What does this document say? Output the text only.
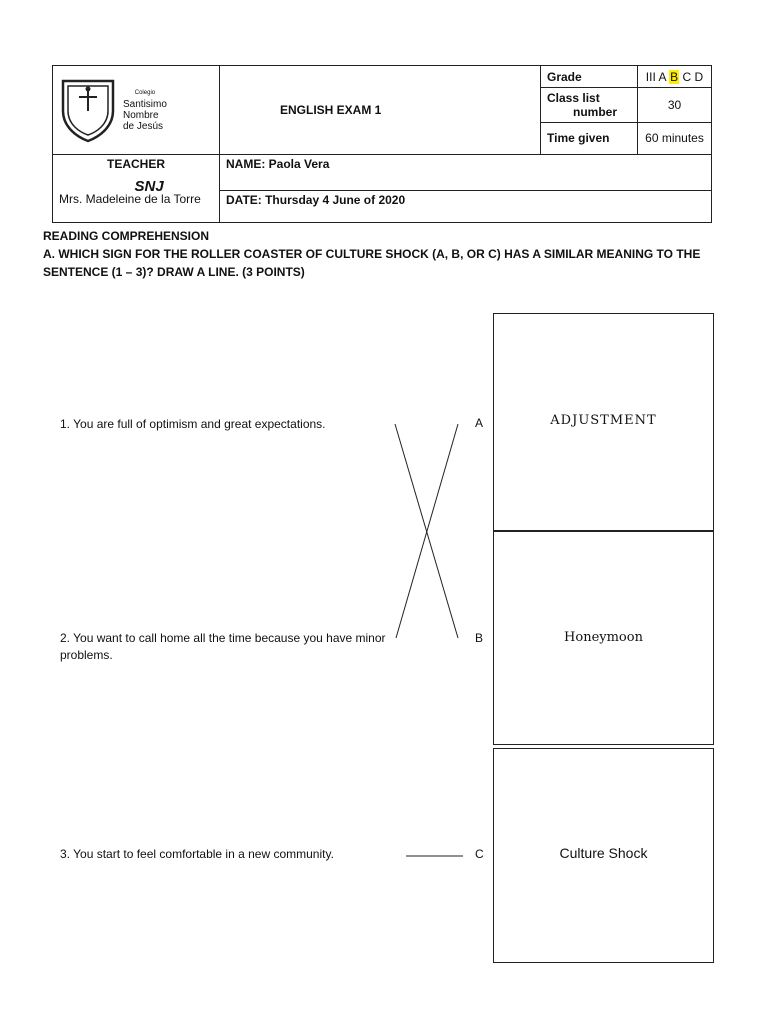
Colegio
Santisimo
Nombre
de Jesús
SNJ	ENGLISH EXAM 1	Grade	III A B C D

		Class list
number	30
		Time given	60 minutes

TEACHER
Mrs. Madeleine de la Torre	NAME: Paola Vera		
	DATE: Thursday 4 June of 2020		
READING COMPREHENSION
A. WHICH SIGN FOR THE ROLLER COASTER OF CULTURE SHOCK (A, B, OR C) HAS A SIMILAR MEANING TO THE SENTENCE (1 – 3)? DRAW A LINE. (3 POINTS)
1. You are full of optimism and great expectations.
2. You want to call home all the time because you have minor problems.
3. You start to feel comfortable in a new community.
A
B
C
ADJUSTMENT
Honeymoon
Culture Shock
